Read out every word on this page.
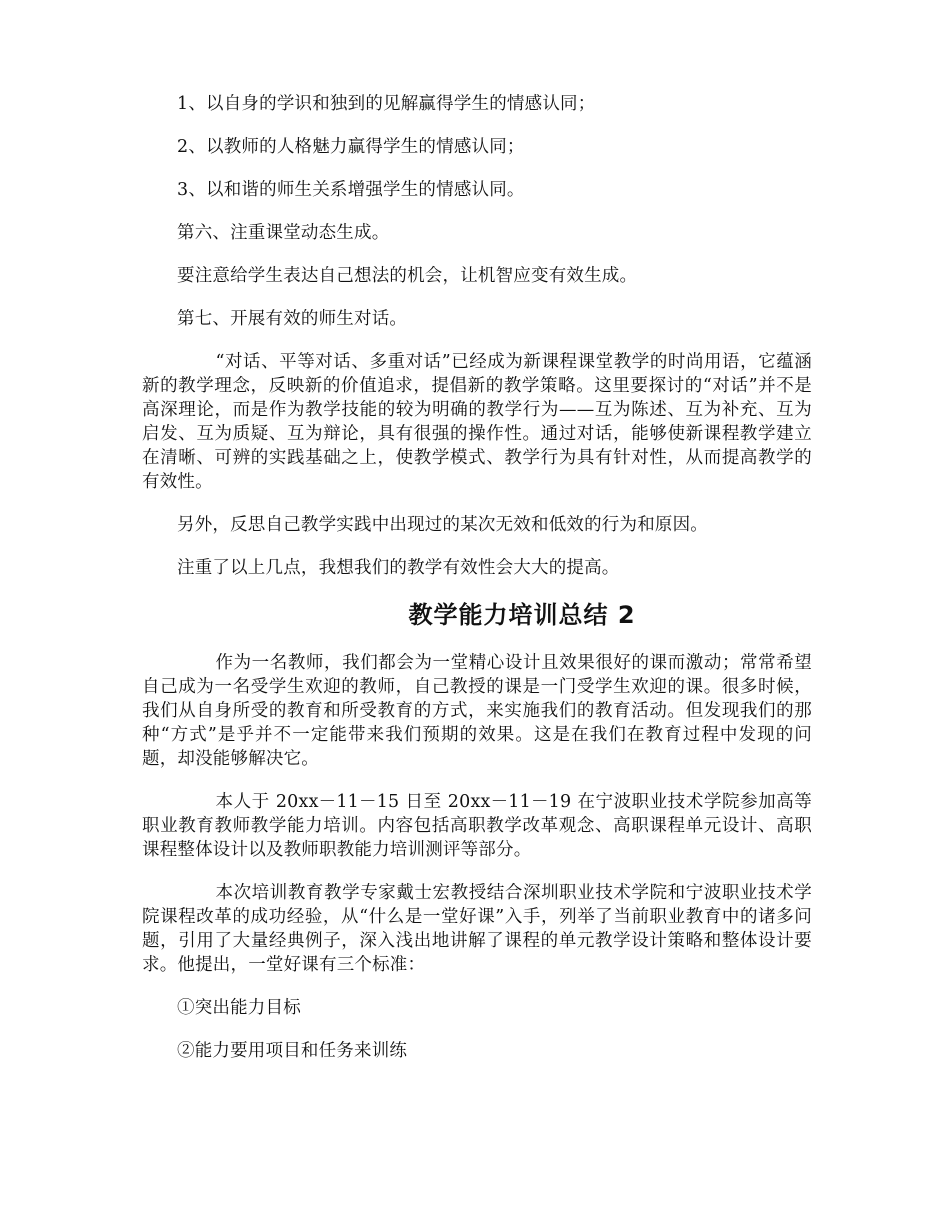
1、以自身的学识和独到的见解赢得学生的情感认同；

2、以教师的人格魅力赢得学生的情感认同；

3、以和谐的师生关系增强学生的情感认同。

第六、注重课堂动态生成。

要注意给学生表达自己想法的机会，让机智应变有效生成。

第七、开展有效的师生对话。

“对话、平等对话、多重对话”已经成为新课程课堂教学的时尚用语，它蕴涵新的教学理念，反映新的价值追求，提倡新的教学策略。这里要探讨的“对话”并不是高深理论，而是作为教学技能的较为明确的教学行为——互为陈述、互为补充、互为启发、互为质疑、互为辩论，具有很强的操作性。通过对话，能够使新课程教学建立在清晰、可辨的实践基础之上，使教学模式、教学行为具有针对性，从而提高教学的有效性。

另外，反思自己教学实践中出现过的某次无效和低效的行为和原因。

注重了以上几点，我想我们的教学有效性会大大的提高。

教学能力培训总结 2

作为一名教师，我们都会为一堂精心设计且效果很好的课而激动；常常希望自己成为一名受学生欢迎的教师，自己教授的课是一门受学生欢迎的课。很多时候，我们从自身所受的教育和所受教育的方式，来实施我们的教育活动。但发现我们的那种“方式”是乎并不一定能带来我们预期的效果。这是在我们在教育过程中发现的问题，却没能够解决它。

本人于 20xx－11－15 日至 20xx－11－19 在宁波职业技术学院参加高等职业教育教师教学能力培训。内容包括高职教学改革观念、高职课程单元设计、高职课程整体设计以及教师职教能力培训测评等部分。

本次培训教育教学专家戴士宏教授结合深圳职业技术学院和宁波职业技术学院课程改革的成功经验，从“什么是一堂好课”入手，列举了当前职业教育中的诸多问题，引用了大量经典例子，深入浅出地讲解了课程的单元教学设计策略和整体设计要求。他提出，一堂好课有三个标准：

①突出能力目标

②能力要用项目和任务来训练
